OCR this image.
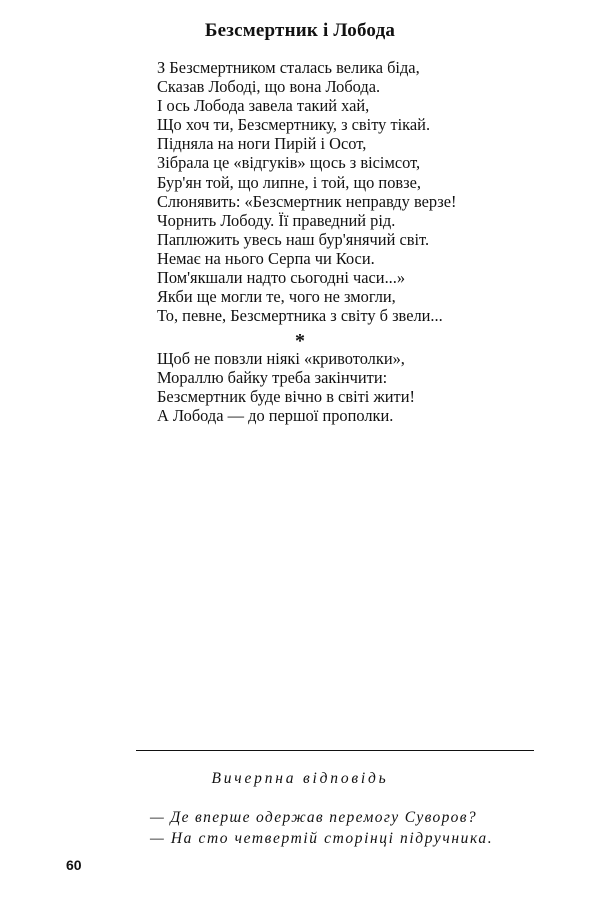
Безсмертник і Лобода
З Безсмертником сталась велика біда,
Сказав Лободі, що вона Лобода.
І ось Лобода завела такий хай,
Що хоч ти, Безсмертнику, з світу тікай.
Підняла на ноги Пирій і Осот,
Зібрала це «відгуків» щось з вісімсот,
Бур'ян той, що липне, і той, що повзе,
Слюнявить: «Безсмертник неправду верзе!
Чорнить Лободу. Її праведний рід.
Паплюжить увесь наш бур'янячий світ.
Немає на нього Серпа чи Коси.
Пом'якшали надто сьогодні часи...»
Якби ще могли те, чого не змогли,
То, певне, Безсмертника з світу б звели...
*
Щоб не повзли ніякі «кривотолки»,
Мораллю байку треба закінчити:
Безсмертник буде вічно в світі жити!
А Лобода — до першої прополки.
Вичерпна відповідь
— Де вперше одержав перемогу Суворов?
— На сто четвертій сторінці підручника.
60
